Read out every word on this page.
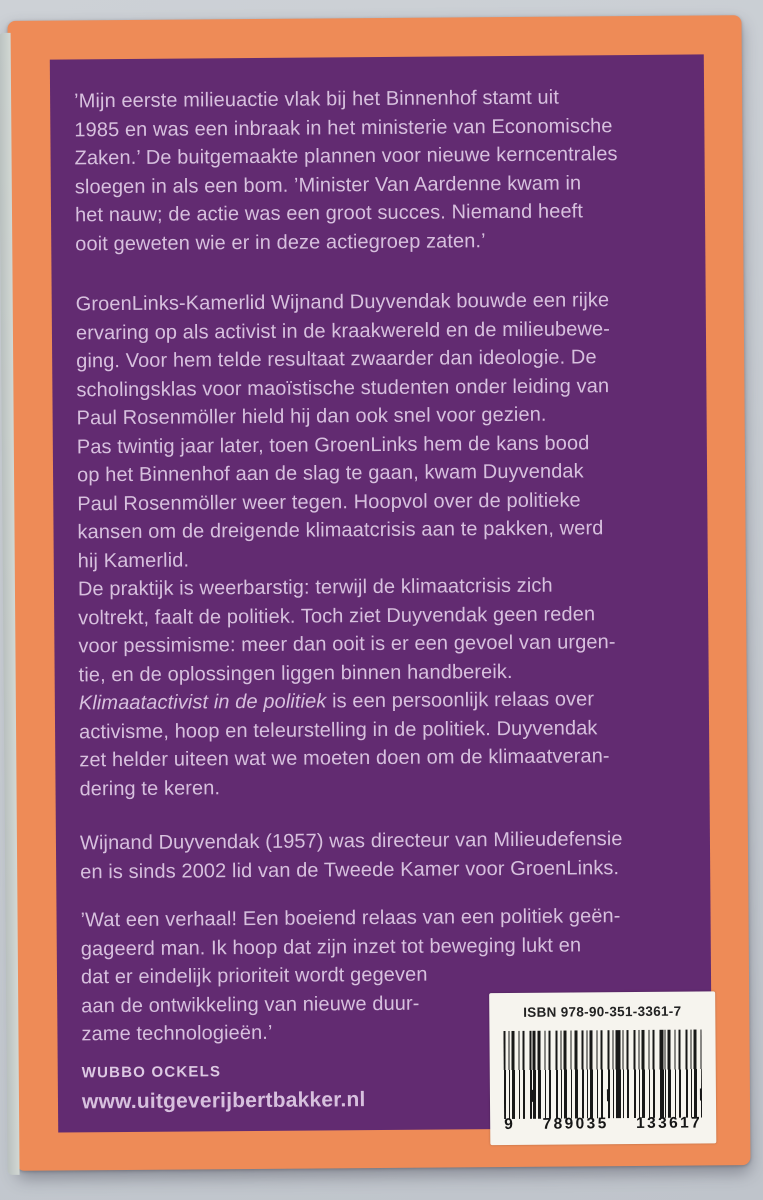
’Mijn eerste milieuactie vlak bij het Binnenhof stamt uit
1985 en was een inbraak in het ministerie van Economische
Zaken.’ De buitgemaakte plannen voor nieuwe kerncentrales
sloegen in als een bom. ’Minister Van Aardenne kwam in
het nauw; de actie was een groot succes. Niemand heeft
ooit geweten wie er in deze actiegroep zaten.’

GroenLinks-Kamerlid Wijnand Duyvendak bouwde een rijke
ervaring op als activist in de kraakwereld en de milieubewe-
ging. Voor hem telde resultaat zwaarder dan ideologie. De
scholingsklas voor maoïstische studenten onder leiding van
Paul Rosenmöller hield hij dan ook snel voor gezien.
Pas twintig jaar later, toen GroenLinks hem de kans bood
op het Binnenhof aan de slag te gaan, kwam Duyvendak
Paul Rosenmöller weer tegen. Hoopvol over de politieke
kansen om de dreigende klimaatcrisis aan te pakken, werd
hij Kamerlid.
De praktijk is weerbarstig: terwijl de klimaatcrisis zich
voltrekt, faalt de politiek. Toch ziet Duyvendak geen reden
voor pessimisme: meer dan ooit is er een gevoel van urgen-
tie, en de oplossingen liggen binnen handbereik.

Klimaatactivist in de politiek is een persoonlijk relaas over
activisme, hoop en teleurstelling in de politiek. Duyvendak
zet helder uiteen wat we moeten doen om de klimaatveran-
dering te keren.

Wijnand Duyvendak (1957) was directeur van Milieudefensie
en is sinds 2002 lid van de Tweede Kamer voor GroenLinks.

’Wat een verhaal! Een boeiend relaas van een politiek geën-
gageerd man. Ik hoop dat zijn inzet tot beweging lukt en
dat er eindelijk prioriteit wordt gegeven
aan de ontwikkeling van nieuwe duur-
zame technologieën.’

WUBBO OCKELS

www.uitgeverijbertbakker.nl
ISBN 978-90-351-3361-7
9 789035 133617
